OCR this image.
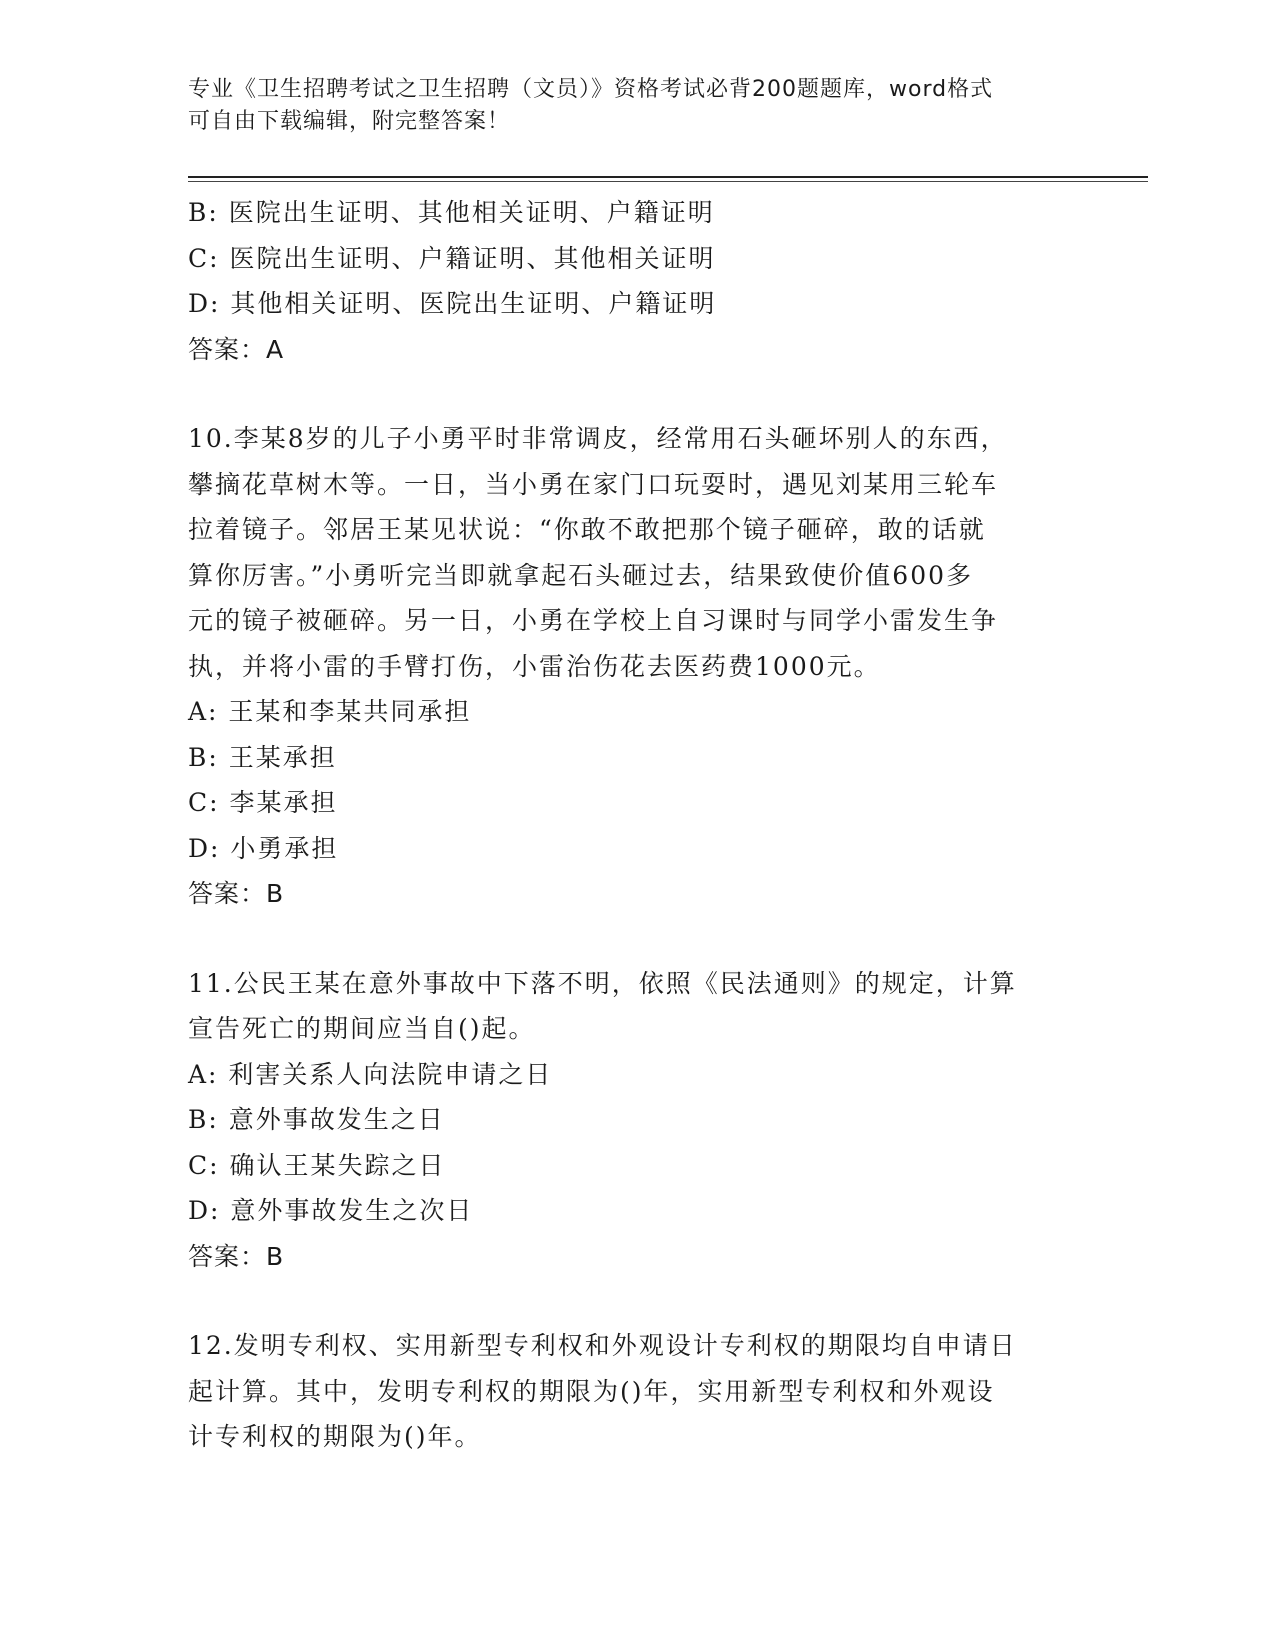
专业《卫生招聘考试之卫生招聘（文员）》资格考试必背200题题库，word格式
可自由下载编辑，附完整答案！
B: 医院出生证明、其他相关证明、户籍证明
C: 医院出生证明、户籍证明、其他相关证明
D: 其他相关证明、医院出生证明、户籍证明
答案：A
10.李某8岁的儿子小勇平时非常调皮，经常用石头砸坏别人的东西，
攀摘花草树木等。一日，当小勇在家门口玩耍时，遇见刘某用三轮车
拉着镜子。邻居王某见状说：“你敢不敢把那个镜子砸碎，敢的话就
算你厉害。”小勇听完当即就拿起石头砸过去，结果致使价值600多
元的镜子被砸碎。另一日，小勇在学校上自习课时与同学小雷发生争
执，并将小雷的手臂打伤，小雷治伤花去医药费1000元。
A: 王某和李某共同承担
B: 王某承担
C: 李某承担
D: 小勇承担
答案：B
11.公民王某在意外事故中下落不明，依照《民法通则》的规定，计算
宣告死亡的期间应当自()起。
A: 利害关系人向法院申请之日
B: 意外事故发生之日
C: 确认王某失踪之日
D: 意外事故发生之次日
答案：B
12.发明专利权、实用新型专利权和外观设计专利权的期限均自申请日
起计算。其中，发明专利权的期限为()年，实用新型专利权和外观设
计专利权的期限为()年。
